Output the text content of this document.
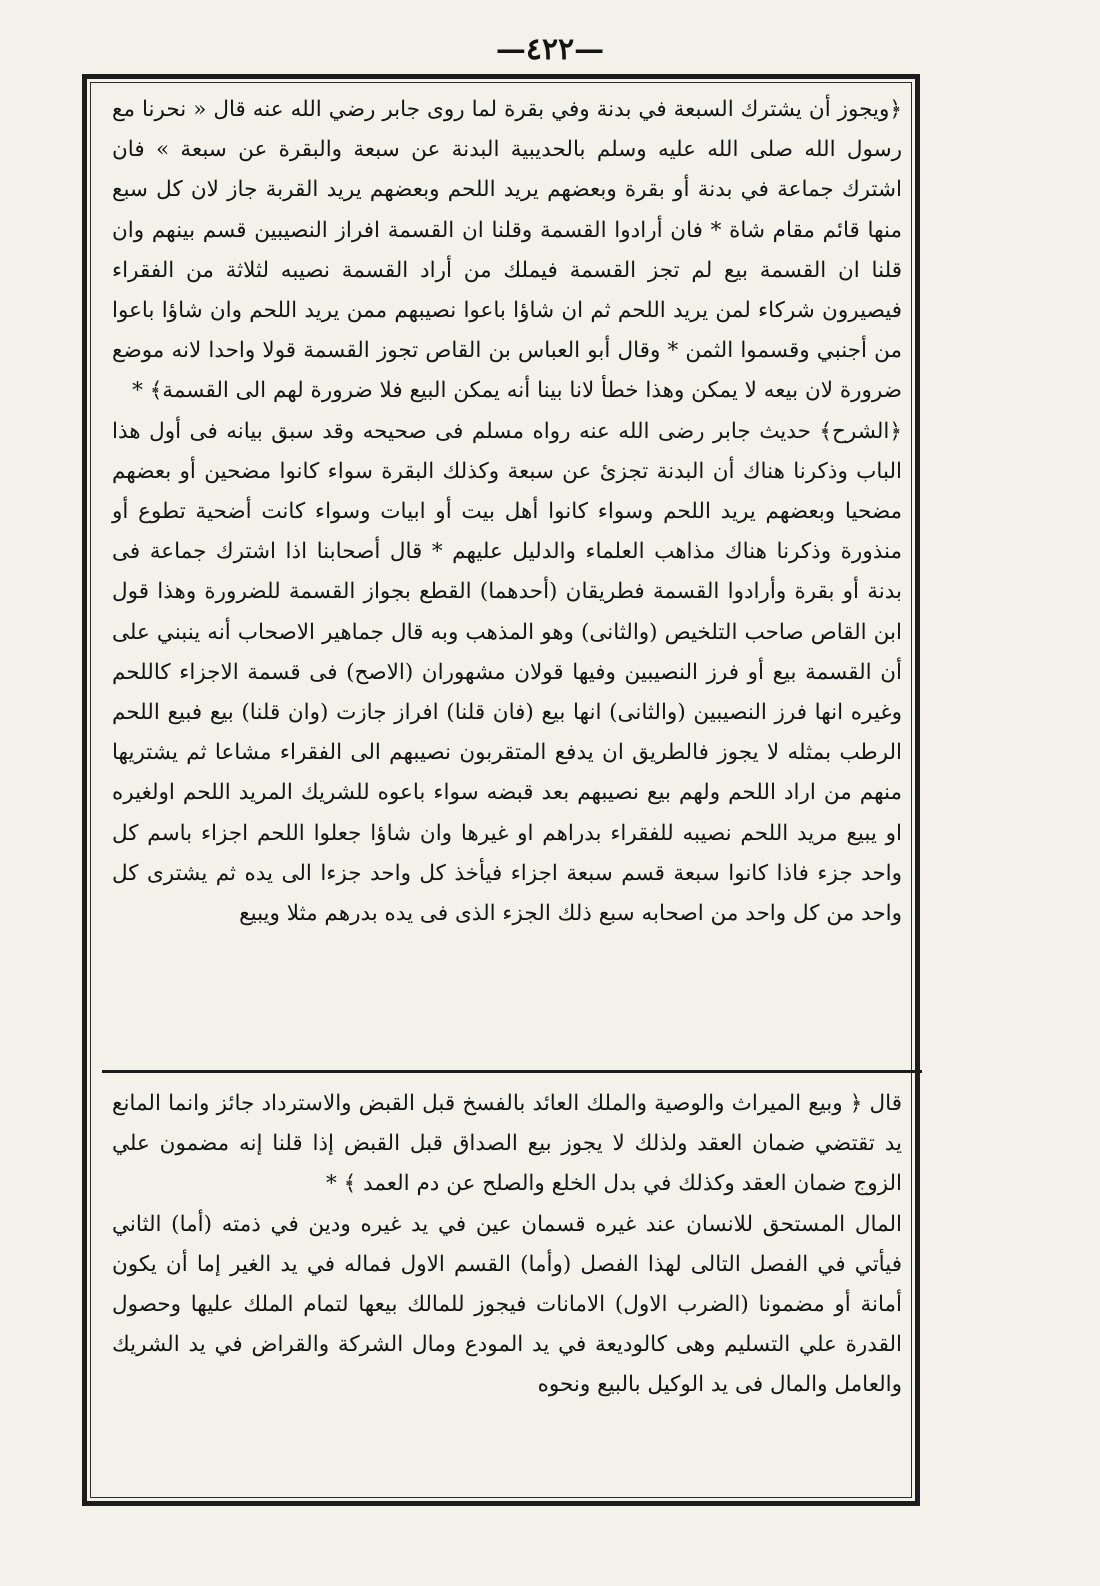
—٤٢٢—

﴿ويجوز أن يشترك السبعة في بدنة وفي بقرة لما روى جابر رضي الله عنه قال « نحرنا مع رسول الله صلى الله عليه وسلم بالحديبية البدنة عن سبعة والبقرة عن سبعة » فان اشترك جماعة في بدنة أو بقرة وبعضهم يريد اللحم وبعضهم يريد القربة جاز لان كل سبع منها قائم مقام شاة * فان أرادوا القسمة وقلنا ان القسمة افراز النصيبين قسم بينهم وان قلنا ان القسمة بيع لم تجز القسمة فيملك من أراد القسمة نصيبه لثلاثة من الفقراء فيصيرون شركاء لمن يريد اللحم ثم ان شاؤا باعوا نصيبهم ممن يريد اللحم وان شاؤا باعوا من أجنبي وقسموا الثمن * وقال أبو العباس بن القاص تجوز القسمة قولا واحدا لانه موضع ضرورة لان بيعه لا يمكن وهذا خطأ لانا بينا أنه يمكن البيع فلا ضرورة لهم الى القسمة﴾ *

﴿الشرح﴾ حديث جابر رضى الله عنه رواه مسلم فى صحيحه وقد سبق بيانه فى أول هذا الباب وذكرنا هناك أن البدنة تجزئ عن سبعة وكذلك البقرة سواء كانوا مضحين أو بعضهم مضحيا وبعضهم يريد اللحم وسواء كانوا أهل بيت أو ابيات وسواء كانت أضحية تطوع أو منذورة وذكرنا هناك مذاهب العلماء والدليل عليهم * قال أصحابنا اذا اشترك جماعة فى بدنة أو بقرة وأرادوا القسمة فطريقان (أحدهما) القطع بجواز القسمة للضرورة وهذا قول ابن القاص صاحب التلخيص (والثانى) وهو المذهب وبه قال جماهير الاصحاب أنه ينبني على أن القسمة بيع أو فرز النصيبين وفيها قولان مشهوران (الاصح) فى قسمة الاجزاء كاللحم وغيره انها فرز النصيبين (والثانى) انها بيع (فان قلنا) افراز جازت (وان قلنا) بيع فبيع اللحم الرطب بمثله لا يجوز فالطريق ان يدفع المتقربون نصيبهم الى الفقراء مشاعا ثم يشتريها منهم من اراد اللحم ولهم بيع نصيبهم بعد قبضه سواء باعوه للشريك المريد اللحم اولغيره او يبيع مريد اللحم نصيبه للفقراء بدراهم او غيرها وان شاؤا جعلوا اللحم اجزاء باسم كل واحد جزء فاذا كانوا سبعة قسم سبعة اجزاء فيأخذ كل واحد جزءا الى يده ثم يشترى كل واحد من كل واحد من اصحابه سبع ذلك الجزء الذى فى يده بدرهم مثلا ويبيع

قال ﴿ وبيع الميراث والوصية والملك العائد بالفسخ قبل القبض والاسترداد جائز وانما المانع يد تقتضي ضمان العقد ولذلك لا يجوز بيع الصداق قبل القبض إذا قلنا إنه مضمون علي الزوج ضمان العقد وكذلك في بدل الخلع والصلح عن دم العمد ﴾ *

المال المستحق للانسان عند غيره قسمان عين في يد غيره ودين في ذمته (أما) الثاني فيأتي في الفصل التالى لهذا الفصل (وأما) القسم الاول فماله في يد الغير إما أن يكون أمانة أو مضمونا (الضرب الاول) الامانات فيجوز للمالك بيعها لتمام الملك عليها وحصول القدرة علي التسليم وهى كالوديعة في يد المودع ومال الشركة والقراض في يد الشريك والعامل والمال فى يد الوكيل بالبيع ونحوه
